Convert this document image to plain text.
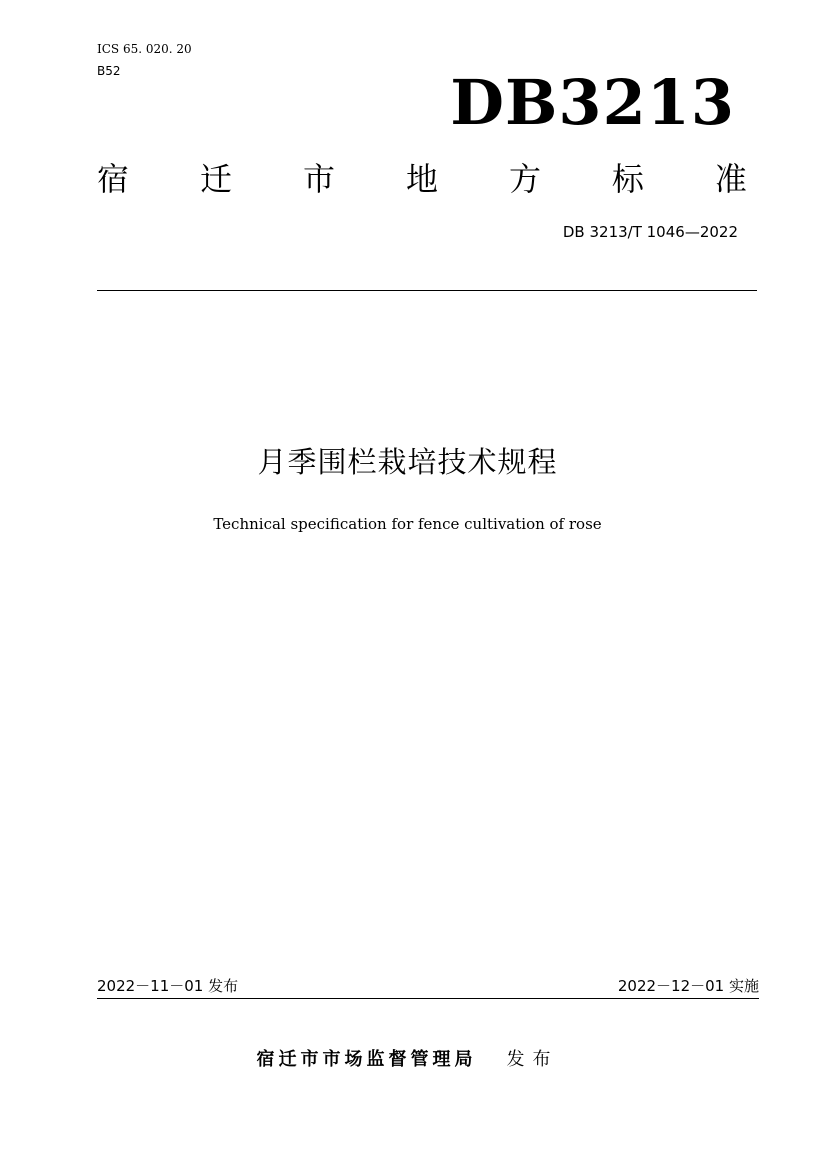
ICS 65. 020. 20
B52	DB3213
宿 迁 市 地 方 标 准
DB 3213/T 1046—2022
月季围栏栽培技术规程
Technical specification for fence cultivation of rose
2022－11－01 发布	2022－12－01 实施
宿迁市市场监督管理局 发布
